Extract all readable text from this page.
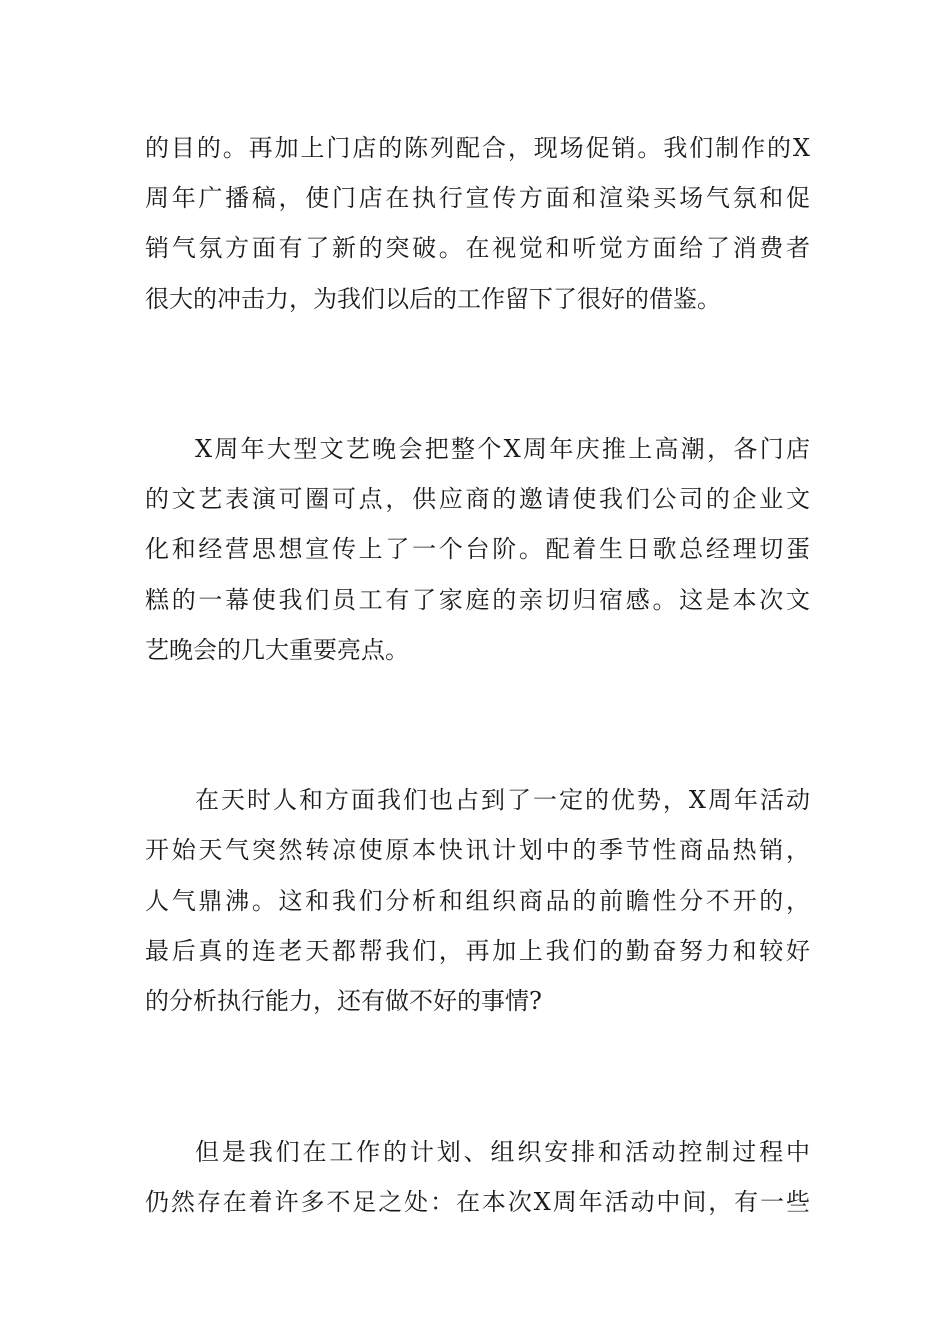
的目的。再加上门店的陈列配合，现场促销。我们制作的X
周年广播稿，使门店在执行宣传方面和渲染买场气氛和促
销气氛方面有了新的突破。在视觉和听觉方面给了消费者
很大的冲击力，为我们以后的工作留下了很好的借鉴。
X周年大型文艺晚会把整个X周年庆推上高潮，各门店
的文艺表演可圈可点，供应商的邀请使我们公司的企业文
化和经营思想宣传上了一个台阶。配着生日歌总经理切蛋
糕的一幕使我们员工有了家庭的亲切归宿感。这是本次文
艺晚会的几大重要亮点。
在天时人和方面我们也占到了一定的优势，X周年活动
开始天气突然转凉使原本快讯计划中的季节性商品热销，
人气鼎沸。这和我们分析和组织商品的前瞻性分不开的，
最后真的连老天都帮我们，再加上我们的勤奋努力和较好
的分析执行能力，还有做不好的事情?
但是我们在工作的计划、组织安排和活动控制过程中
仍然存在着许多不足之处：在本次X周年活动中间，有一些
